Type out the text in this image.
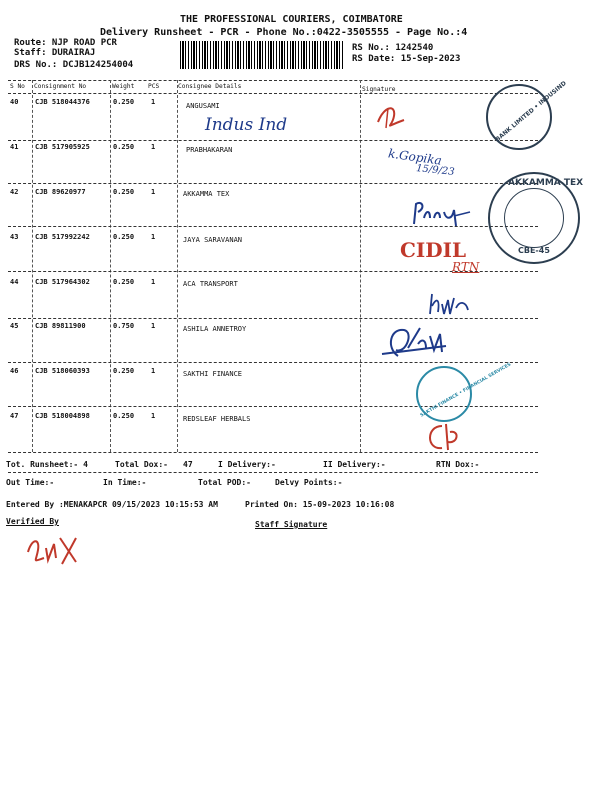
THE PROFESSIONAL COURIERS, COIMBATORE
Delivery Runsheet - PCR - Phone No.:0422-3505555 - Page No.:4
Route: NJP ROAD PCR
Staff: DURAIRAJ
DRS No.: DCJB124254004
RS No.: 1242540
RS Date: 15-Sep-2023
S No Consignment No	Weight PCS	Consignee Details	Signature
40 CJB 518044376	0.250 1	ANGUSAMI
41 CJB 517905925	0.250 1	PRABHAKARAN
42 CJB 89620977	0.250 1	AKKAMMA TEX
43 CJB 517992242	0.250 1	JAYA SARAVANAN
44 CJB 517964302	0.250 1	ACA TRANSPORT
45 CJB 89811900	0.750 1	ASHILA ANNETROY
46 CJB 518060393	0.250 1	SAKTHI FINANCE
47 CJB 518004898	0.250 1	REDSLEAF HERBALS
Indus Ind
k.Gopika
15/9/23
CIDIL
RTN
BANK LIMITED • INDUSIND
AKKAMMA TEX
CBE-45
SAKTHI FINANCE • FINANCIAL SERVICES
Tot. Runsheet:- 4	Total Dox:- 47	I Delivery:-	II Delivery:-	RTN Dox:-
Out Time:-	In Time:-	Total POD:-	Delvy Points:-
Entered By :MENAKAPCR 09/15/2023 10:15:53 AM	Printed On: 15-09-2023 10:16:08
Verified By	Staff Signature
